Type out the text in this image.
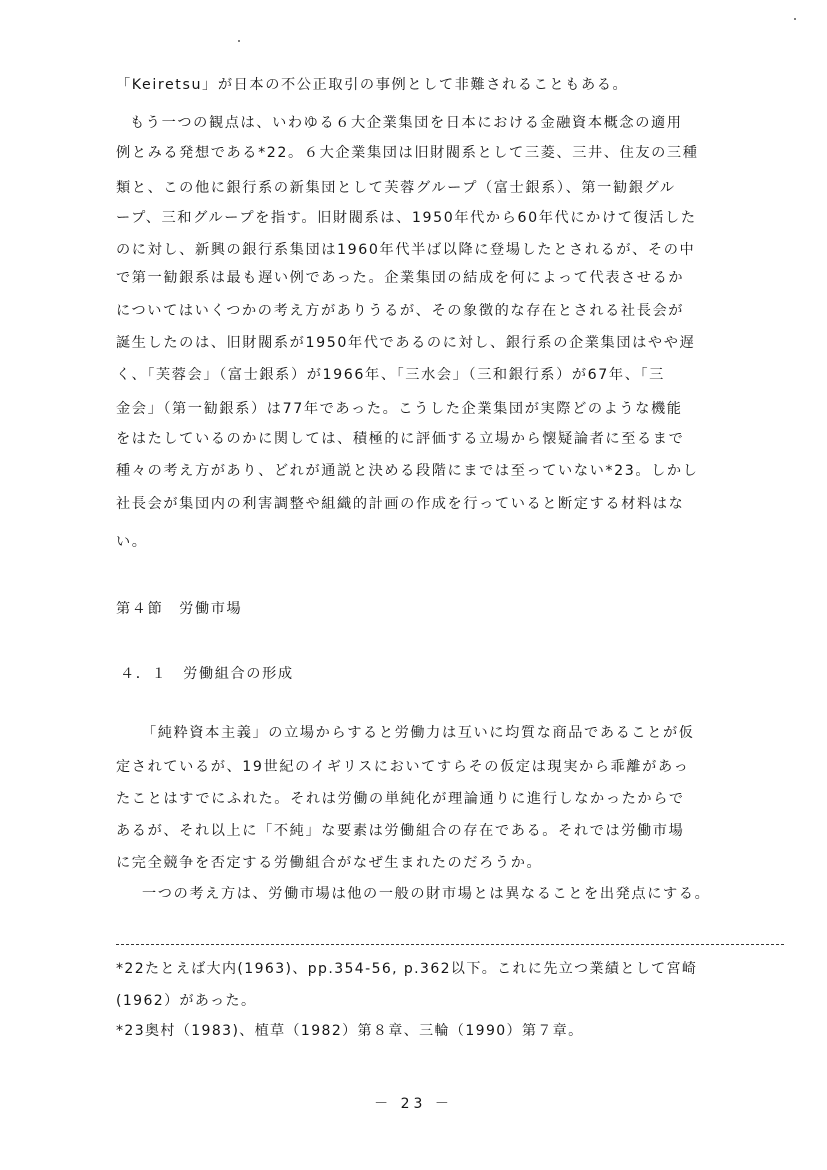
「Keiretsu」が日本の不公正取引の事例として非難されることもある。
もう一つの観点は、いわゆる６大企業集団を日本における金融資本概念の適用
例とみる発想である*22。６大企業集団は旧財閥系として三菱、三井、住友の三種
類と、この他に銀行系の新集団として芙蓉グループ（富士銀系）、第一勧銀グル
ープ、三和グループを指す。旧財閥系は、1950年代から60年代にかけて復活した
のに対し、新興の銀行系集団は1960年代半ば以降に登場したとされるが、その中
で第一勧銀系は最も遅い例であった。企業集団の結成を何によって代表させるか
についてはいくつかの考え方がありうるが、その象徴的な存在とされる社長会が
誕生したのは、旧財閥系が1950年代であるのに対し、銀行系の企業集団はやや遅
く、「芙蓉会」（富士銀系）が1966年、「三水会」（三和銀行系）が67年、「三
金会」（第一勧銀系）は77年であった。こうした企業集団が実際どのような機能
をはたしているのかに関しては、積極的に評価する立場から懐疑論者に至るまで
種々の考え方があり、どれが通説と決める段階にまでは至っていない*23。しかし
社長会が集団内の利害調整や組織的計画の作成を行っていると断定する材料はな
い。
第４節　労働市場
４．１　労働組合の形成
「純粋資本主義」の立場からすると労働力は互いに均質な商品であることが仮
定されているが、19世紀のイギリスにおいてすらその仮定は現実から乖離があっ
たことはすでにふれた。それは労働の単純化が理論通りに進行しなかったからで
あるが、それ以上に「不純」な要素は労働組合の存在である。それでは労働市場
に完全競争を否定する労働組合がなぜ生まれたのだろうか。
一つの考え方は、労働市場は他の一般の財市場とは異なることを出発点にする。
*22たとえば大内(1963)、pp.354-56, p.362以下。これに先立つ業績として宮崎
(1962）があった。
*23奥村（1983)、植草（1982）第８章、三輪（1990）第７章。
－ 23 －
